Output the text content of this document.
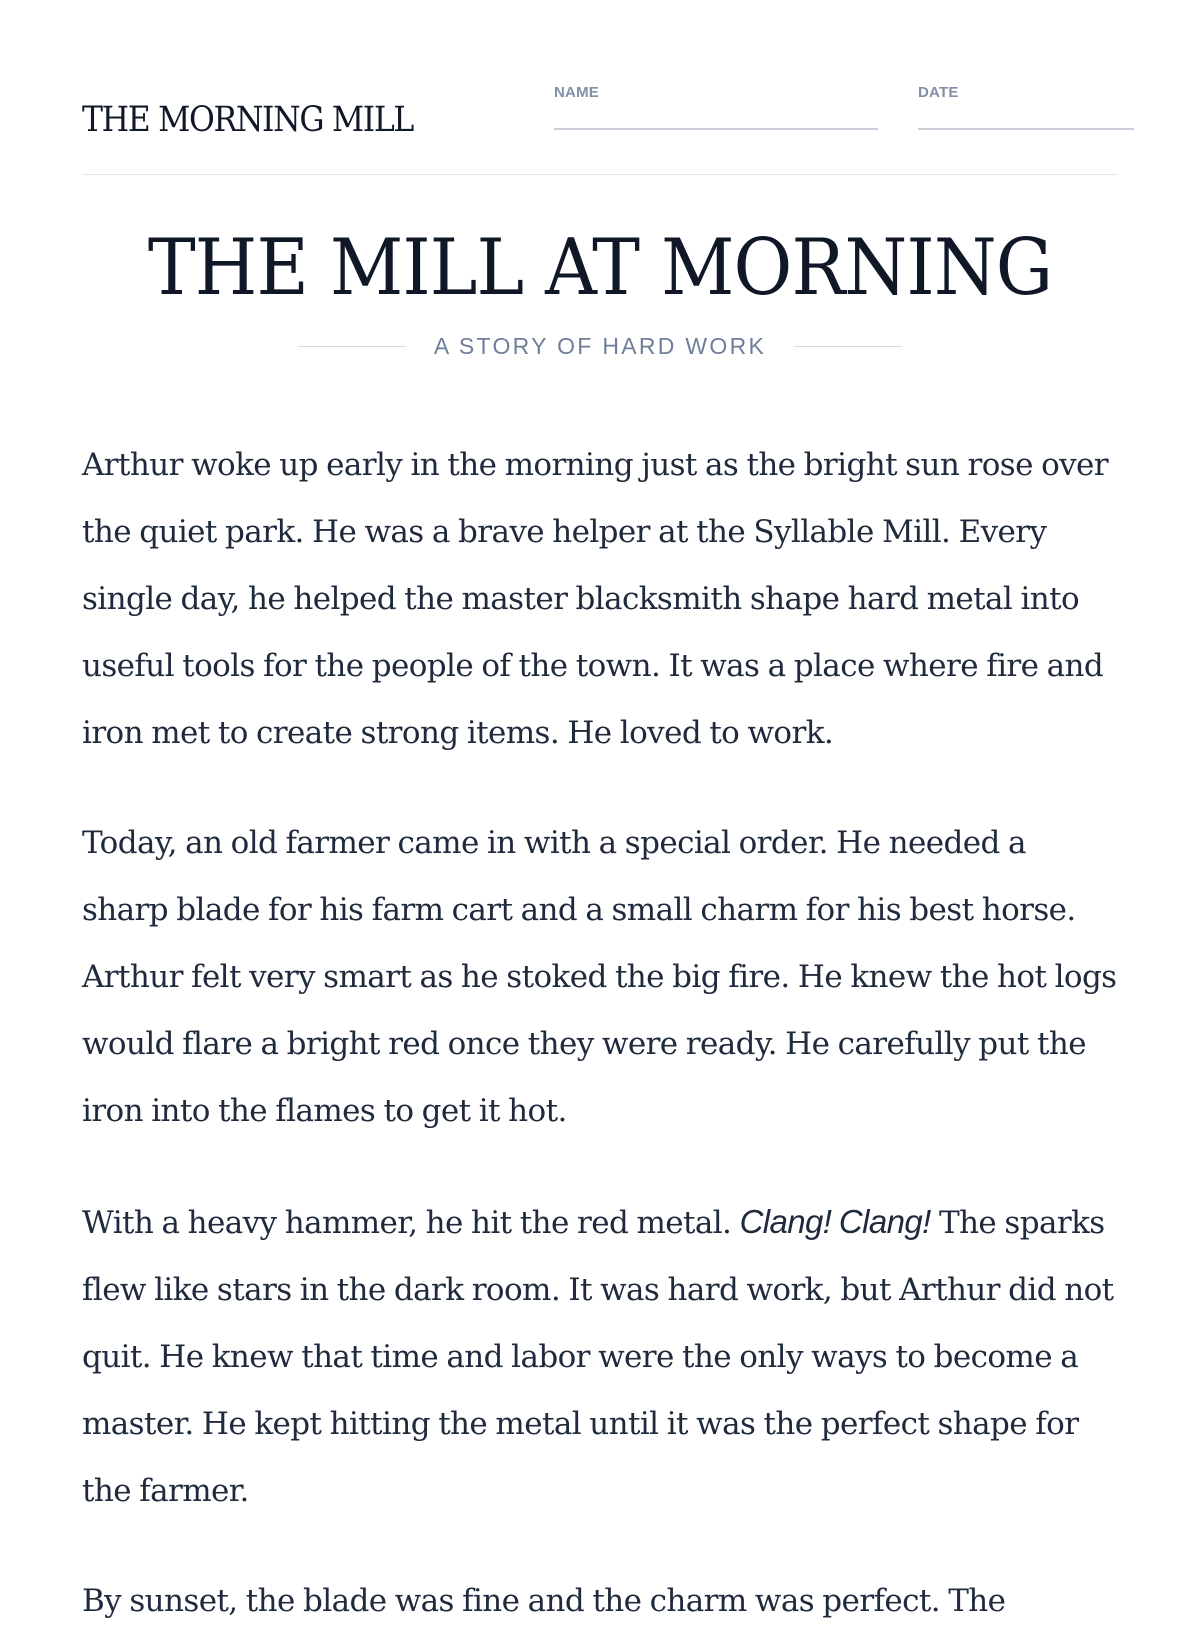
THE MORNING MILL
NAME	DATE
THE MILL AT MORNING
A STORY OF HARD WORK

Arthur woke up early in the morning just as the bright sun rose over the quiet park. He was a brave helper at the Syllable Mill. Every single day, he helped the master blacksmith shape hard metal into useful tools for the people of the town. It was a place where fire and iron met to create strong items. He loved to work.

Today, an old farmer came in with a special order. He needed a sharp blade for his farm cart and a small charm for his best horse. Arthur felt very smart as he stoked the big fire. He knew the hot logs would flare a bright red once they were ready. He carefully put the iron into the flames to get it hot.

With a heavy hammer, he hit the red metal. Clang! Clang! The sparks flew like stars in the dark room. It was hard work, but Arthur did not quit. He knew that time and labor were the only ways to become a master. He kept hitting the metal until it was the perfect shape for the farmer.

By sunset, the blade was fine and the charm was perfect. The
